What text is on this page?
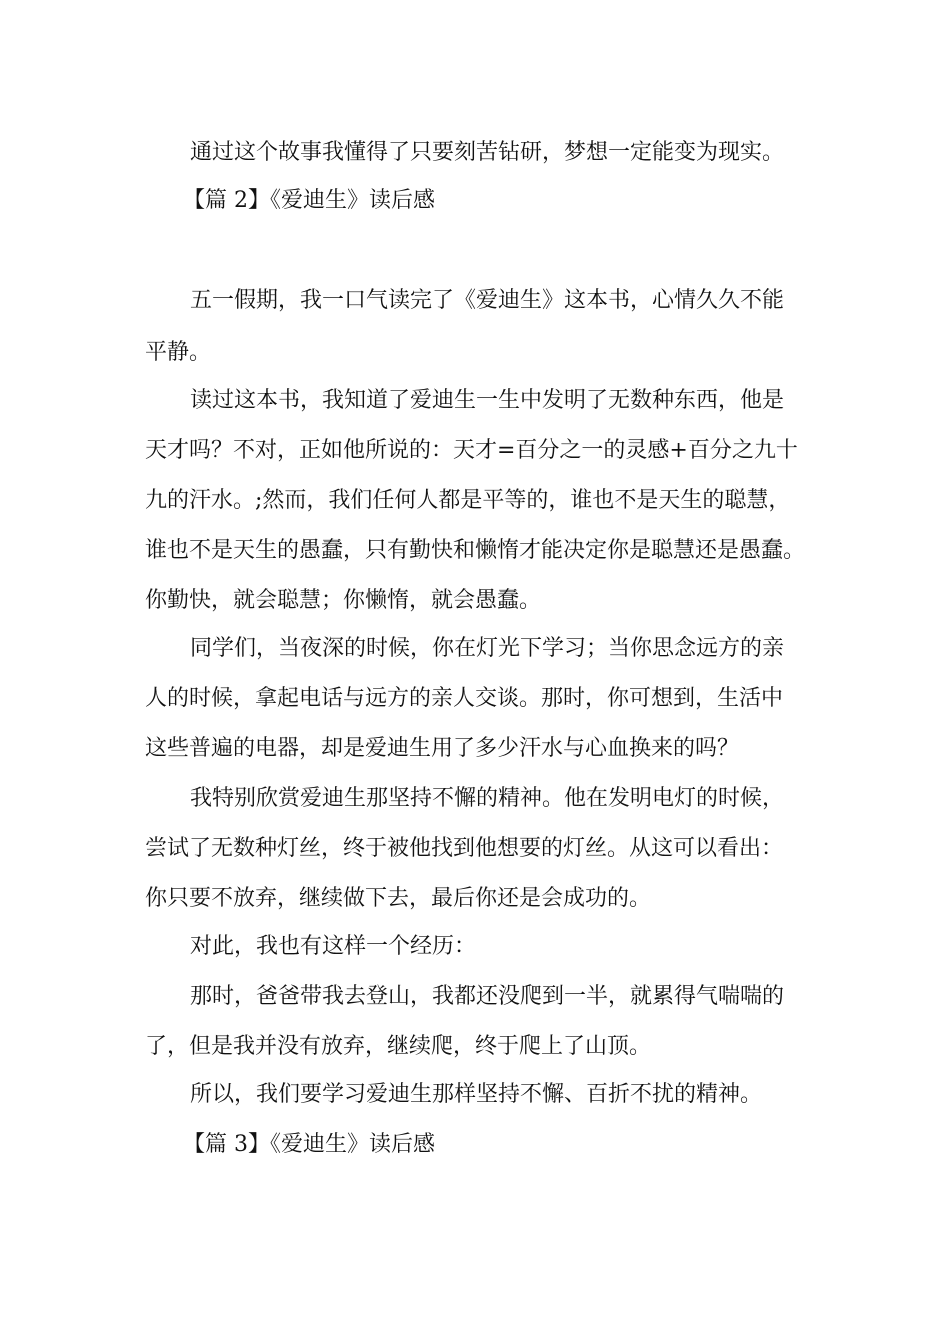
通过这个故事我懂得了只要刻苦钻研，梦想一定能变为现实。
【篇 2】《爱迪生》读后感
五一假期，我一口气读完了《爱迪生》这本书，心情久久不能
平静。
读过这本书，我知道了爱迪生一生中发明了无数种东西，他是
天才吗？不对，正如他所说的：天才=百分之一的灵感+百分之九十
九的汗水。;然而，我们任何人都是平等的，谁也不是天生的聪慧，
谁也不是天生的愚蠢，只有勤快和懒惰才能决定你是聪慧还是愚蠢。
你勤快，就会聪慧；你懒惰，就会愚蠢。
同学们，当夜深的时候，你在灯光下学习；当你思念远方的亲
人的时候，拿起电话与远方的亲人交谈。那时，你可想到，生活中
这些普遍的电器，却是爱迪生用了多少汗水与心血换来的吗？
我特别欣赏爱迪生那坚持不懈的精神。他在发明电灯的时候，
尝试了无数种灯丝，终于被他找到他想要的灯丝。从这可以看出：
你只要不放弃，继续做下去，最后你还是会成功的。
对此，我也有这样一个经历：
那时，爸爸带我去登山，我都还没爬到一半，就累得气喘喘的
了，但是我并没有放弃，继续爬，终于爬上了山顶。
所以，我们要学习爱迪生那样坚持不懈、百折不扰的精神。
【篇 3】《爱迪生》读后感
